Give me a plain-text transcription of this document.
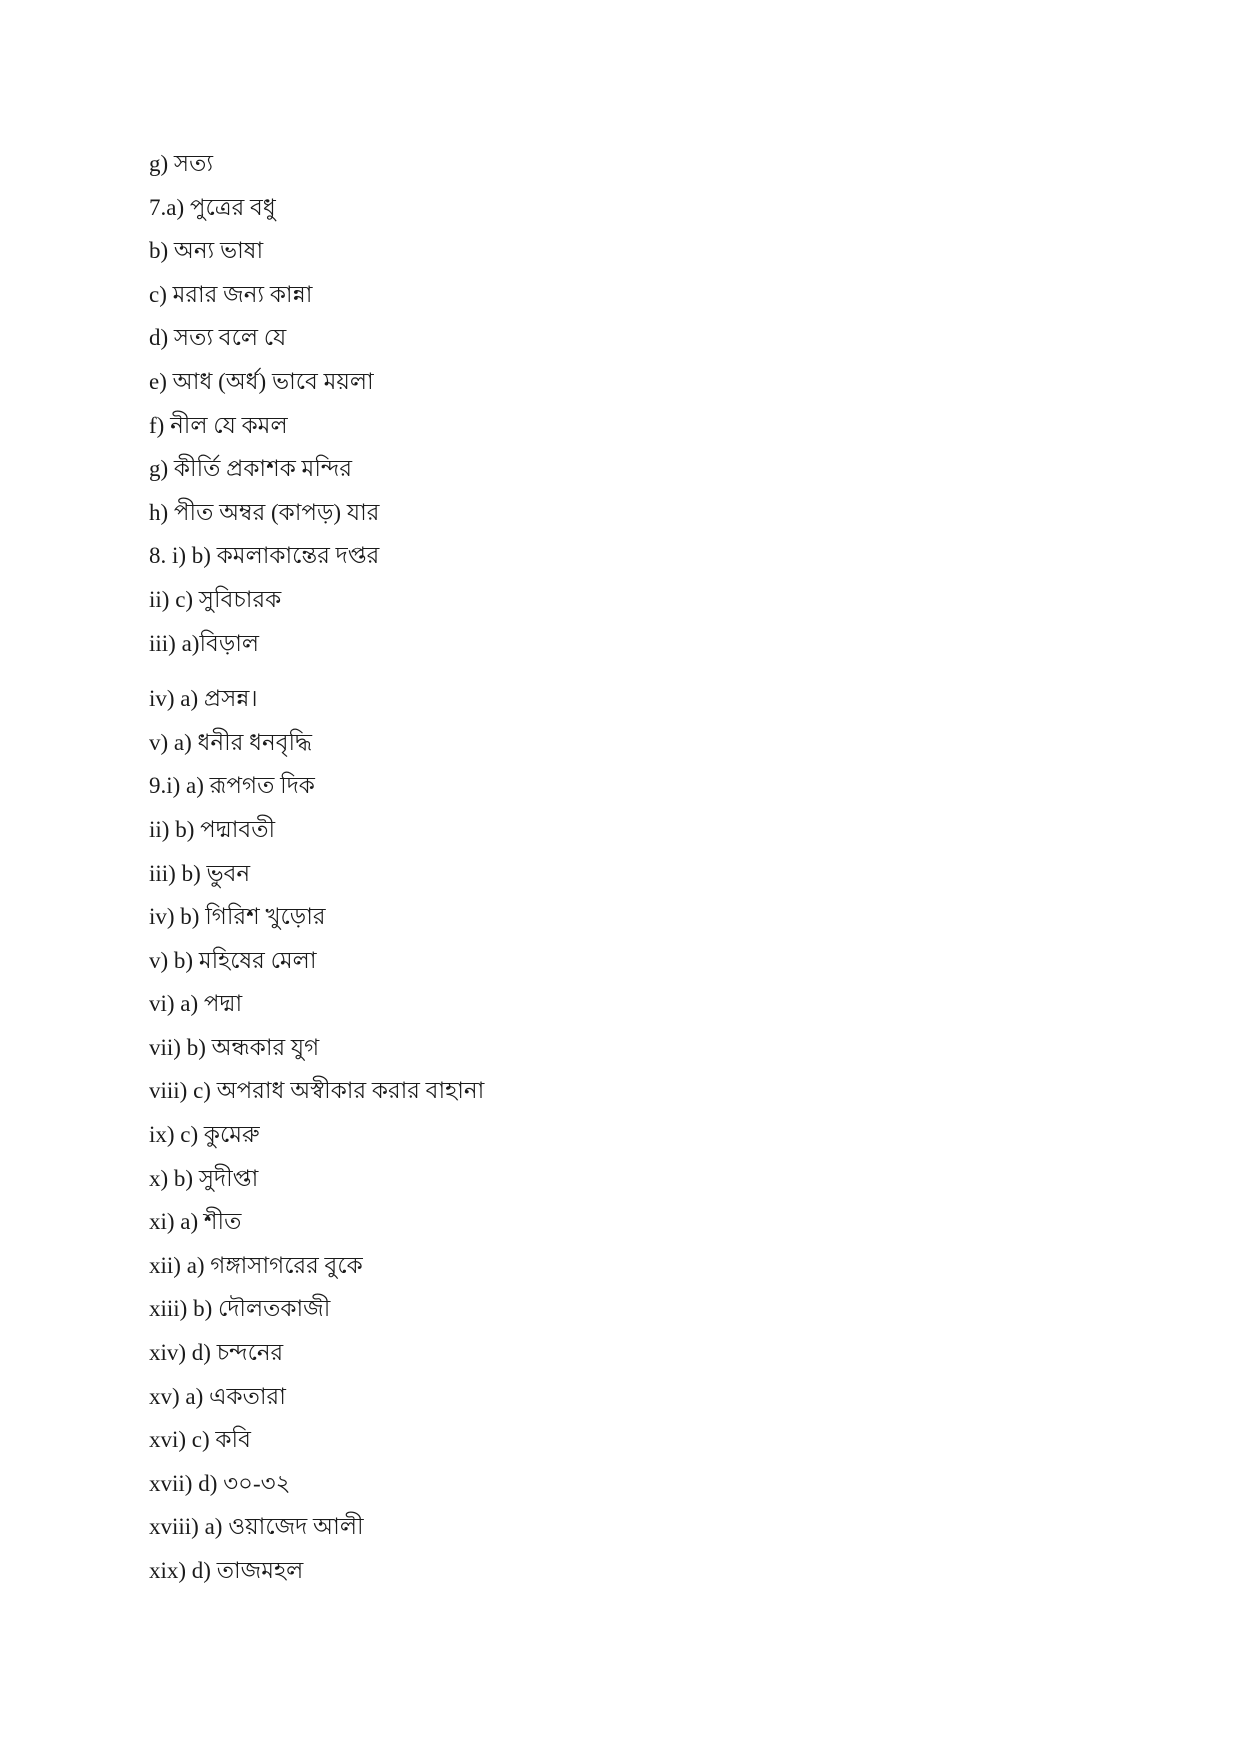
g) সত্য
7.a) পুত্রের বধু
b) অন্য ভাষা
c) মরার জন্য কান্না
d) সত্য বলে যে
e) আধ (অর্ধ) ভাবে ময়লা
f) নীল যে কমল
g) কীর্তি প্রকাশক মন্দির
h) পীত অম্বর (কাপড়) যার
8. i) b) কমলাকান্তের দপ্তর
ii) c) সুবিচারক
iii) a)বিড়াল
iv) a) প্রসন্ন।
v) a) ধনীর ধনবৃদ্ধি
9.i) a) রূপগত দিক
ii) b) পদ্মাবতী
iii) b) ভুবন
iv) b) গিরিশ খুড়োর
v) b) মহিষের মেলা
vi) a) পদ্মা
vii) b) অন্ধকার যুগ
viii) c) অপরাধ অস্বীকার করার বাহানা
ix) c) কুমেরু
x) b) সুদীপ্তা
xi) a) শীত
xii) a) গঙ্গাসাগরের বুকে
xiii) b) দৌলতকাজী
xiv) d) চন্দনের
xv) a) একতারা
xvi) c) কবি
xvii) d) ৩০-৩২
xviii) a) ওয়াজেদ আলী
xix) d) তাজমহল
